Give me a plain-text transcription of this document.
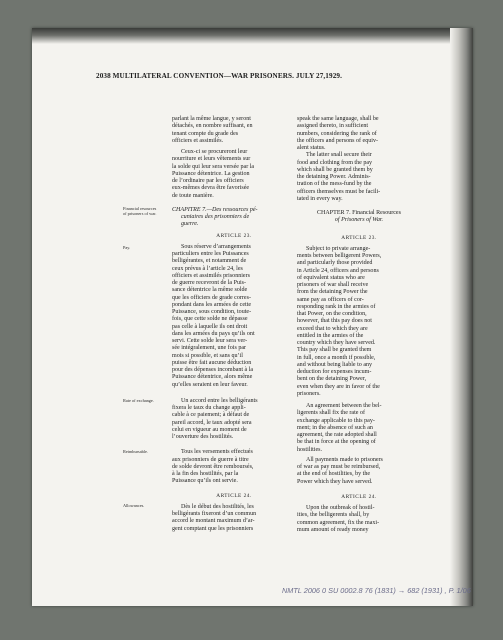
2038 MULTILATERAL CONVENTION—WAR PRISONERS. JULY 27,1929.
Financial resources
of prisoners of war.
Pay.
Rate of exchange.
Reimbursable.
Allowances.

parlant la même langue, y seront

détachés, en nombre suffisant, en

tenant compte du grade des

officiers et assimilés.

Ceux-ci se procureront leur

nourriture et leurs vêtements sur

la solde qui leur sera versée par la

Puissance détentrice. La gestion

de l’ordinaire par les officiers

eux-mêmes devra être favorisée

de toute manière.

CHAPITRE 7.—Des ressources pé-

cuniaires des prisonniers de

guerre.

ARTICLE 23.

Sous réserve d’arrangements

particuliers entre les Puissances

belligérantes, et notamment de

ceux prévus à l’article 24, les

officiers et assimilés prisonniers

de guerre recevront de la Puis-

sance détentrice la même solde

que les officiers de grade corres-

pondant dans les armées de cette

Puissance, sous condition, toute-

fois, que cette solde ne dépasse

pas celle à laquelle ils ont droit

dans les armées du pays qu’ils ont

servi. Cette solde leur sera ver-

sée intégralement, une fois par

mois si possible, et sans qu’il

puisse être fait aucune déduction

pour des dépenses incombant à la

Puissance détentrice, alors même

qu’elles seraient en leur faveur.

Un accord entre les belligérants

fixera le taux du change appli-

cable à ce paiement; à défaut de

pareil accord, le taux adopté sera

celui en vigueur au moment de

l’ouverture des hostilités.

Tous les versements effectués

aux prisonniers de guerre à titre

de solde devront être remboursés,

à la fin des hostilités, par la

Puissance qu’ils ont servie.

ARTICLE 24.

Dès le début des hostilités, les

belligérants fixeront d’un commun

accord le montant maximum d’ar-

gent comptant que les prisonniers

speak the same language, shall be

assigned thereto, in sufficient

numbers, considering the rank of

the officers and persons of equiv-

alent status.

The latter snall secure their

food and clothing from the pay

which shall be granted them by

the detaining Power. Adminis-

tration of the mess-fund by the

officers themselves must be facili-

tated in every way.

CHAPTER 7. Financial Resources

of Prisoners of War.

ARTICLE 23.

Subject to private arrange-

ments between belligerent Powers,

and particularly those provided

in Article 24, officers and persons

of equivalent status who are

prisoners of war shall receive

from the detaining Power the

same pay as officers of cor-

responding rank in the armies of

that Power, on the condition,

however, that this pay does not

exceed that to which they are

entitled in the armies of the

country which they have served.

This pay shall be granted them

in full, once a month if possible,

and without being liable to any

deduction for expenses incum-

bent on the detaining Power,

even when they are in favor of the

prisoners.

An agreement between the bel-

ligerents shall fix the rate of

exchange applicable to this pay-

ment; in the absence of such an

agreement, the rate adopted shall

be that in force at the opening of

hostilities.

All payments made to prisoners

of war as pay must be reimbursed,

at the end of hostilities, by the

Power which they have served.

ARTICLE 24.

Upon the outbreak of hostil-

ities, the belligerents shall, by

common agreement, fix the maxi-

mum amount of ready money

NMTL 2006 0 SU 0002.8 76 (1831) → 682 (1931) , P. 1/06
